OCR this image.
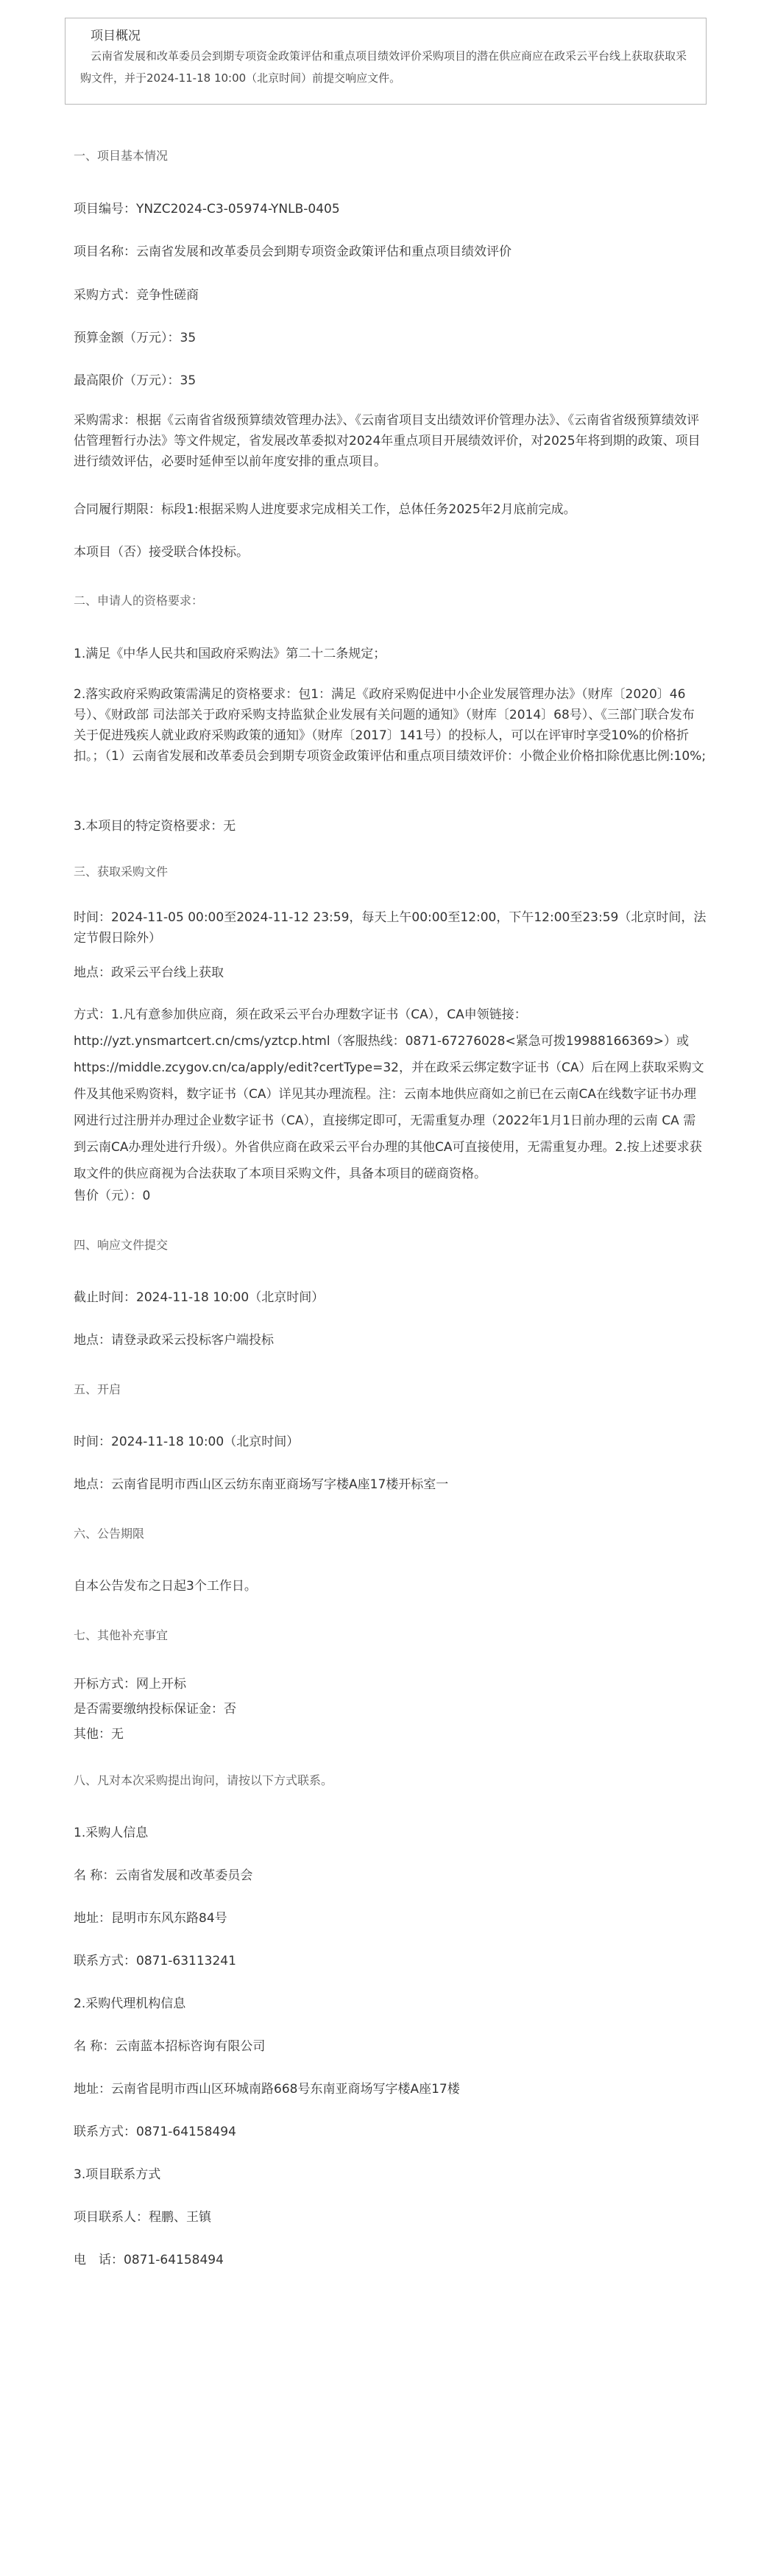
项目概况
云南省发展和改革委员会到期专项资金政策评估和重点项目绩效评价采购项目的潜在供应商应在政采云平台线上获取获取采购文件，并于2024-11-18 10:00（北京时间）前提交响应文件。
一、项目基本情况
项目编号：YNZC2024-C3-05974-YNLB-0405
项目名称：云南省发展和改革委员会到期专项资金政策评估和重点项目绩效评价
采购方式：竞争性磋商
预算金额（万元）：35
最高限价（万元）：35
采购需求：根据《云南省省级预算绩效管理办法》、《云南省项目支出绩效评价管理办法》、《云南省省级预算绩效评估管理暂行办法》等文件规定，省发展改革委拟对2024年重点项目开展绩效评价，对2025年将到期的政策、项目进行绩效评估，必要时延伸至以前年度安排的重点项目。
合同履行期限：标段1:根据采购人进度要求完成相关工作，总体任务2025年2月底前完成。
本项目（否）接受联合体投标。
二、申请人的资格要求：
1.满足《中华人民共和国政府采购法》第二十二条规定；
2.落实政府采购政策需满足的资格要求：包1：满足《政府采购促进中小企业发展管理办法》（财库〔2020〕46号）、《财政部 司法部关于政府采购支持监狱企业发展有关问题的通知》（财库〔2014〕68号）、《三部门联合发布关于促进残疾人就业政府采购政策的通知》（财库〔2017〕141号）的投标人，可以在评审时享受10%的价格折扣。；（1）云南省发展和改革委员会到期专项资金政策评估和重点项目绩效评价：小微企业价格扣除优惠比例:10%;
3.本项目的特定资格要求：无
三、获取采购文件
时间：2024-11-05 00:00至2024-11-12 23:59，每天上午00:00至12:00，下午12:00至23:59（北京时间，法定节假日除外）
地点：政采云平台线上获取
方式：1.凡有意参加供应商，须在政采云平台办理数字证书（CA），CA申领链接：http://yzt.ynsmartcert.cn/cms/yztcp.html（客服热线：0871-67276028<紧急可拨19988166369>）或https://middle.zcygov.cn/ca/apply/edit?certType=32，并在政采云绑定数字证书（CA）后在网上获取采购文件及其他采购资料，数字证书（CA）详见其办理流程。注：云南本地供应商如之前已在云南CA在线数字证书办理网进行过注册并办理过企业数字证书（CA），直接绑定即可，无需重复办理（2022年1月1日前办理的云南 CA 需到云南CA办理处进行升级）。外省供应商在政采云平台办理的其他CA可直接使用，无需重复办理。2.按上述要求获取文件的供应商视为合法获取了本项目采购文件，具备本项目的磋商资格。
售价（元）：0
四、响应文件提交
截止时间：2024-11-18 10:00（北京时间）
地点：请登录政采云投标客户端投标
五、开启
时间：2024-11-18 10:00（北京时间）
地点：云南省昆明市西山区云纺东南亚商场写字楼A座17楼开标室一
六、公告期限
自本公告发布之日起3个工作日。
七、其他补充事宜
开标方式：网上开标
是否需要缴纳投标保证金：否
其他：无
八、凡对本次采购提出询问，请按以下方式联系。
1.采购人信息
名 称：云南省发展和改革委员会
地址：昆明市东风东路84号
联系方式：0871-63113241
2.采购代理机构信息
名 称：云南蓝本招标咨询有限公司
地址：云南省昆明市西山区环城南路668号东南亚商场写字楼A座17楼
联系方式：0871-64158494
3.项目联系方式
项目联系人：程鹏、王镇
电　话：0871-64158494
